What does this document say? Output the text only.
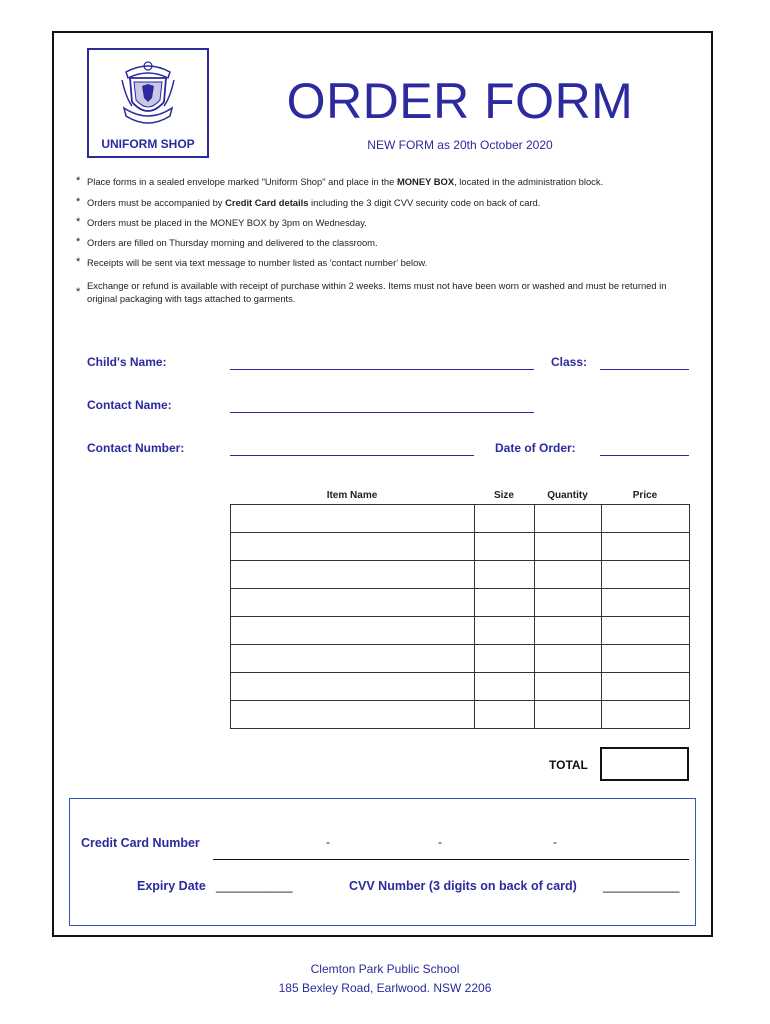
UNIFORM SHOP
ORDER FORM
NEW FORM as 20th October 2020
* Place forms in a sealed envelope marked "Uniform Shop" and place in the MONEY BOX, located in the administration block.
* Orders must be accompanied by Credit Card details including the 3 digit CVV security code on back of card.
* Orders must be placed in the MONEY BOX by 3pm on Wednesday.
* Orders are filled on Thursday morning and delivered to the classroom.
* Receipts will be sent via text message to number listed as 'contact number' below.
*
Exchange or refund is available with receipt of purchase within 2 weeks. Items must not have been worn or washed and must be returned in original packaging with tags attached to garments.
Child's Name:	Class:
Contact Name:
Contact Number:	Date of Order:
Item Name	Size	Quantity	Price

TOTAL
Credit Card Number	-	-	-
Expiry Date ___________	CVV Number (3 digits on back of card) ___________
Clemton Park Public School
185 Bexley Road, Earlwood. NSW 2206
